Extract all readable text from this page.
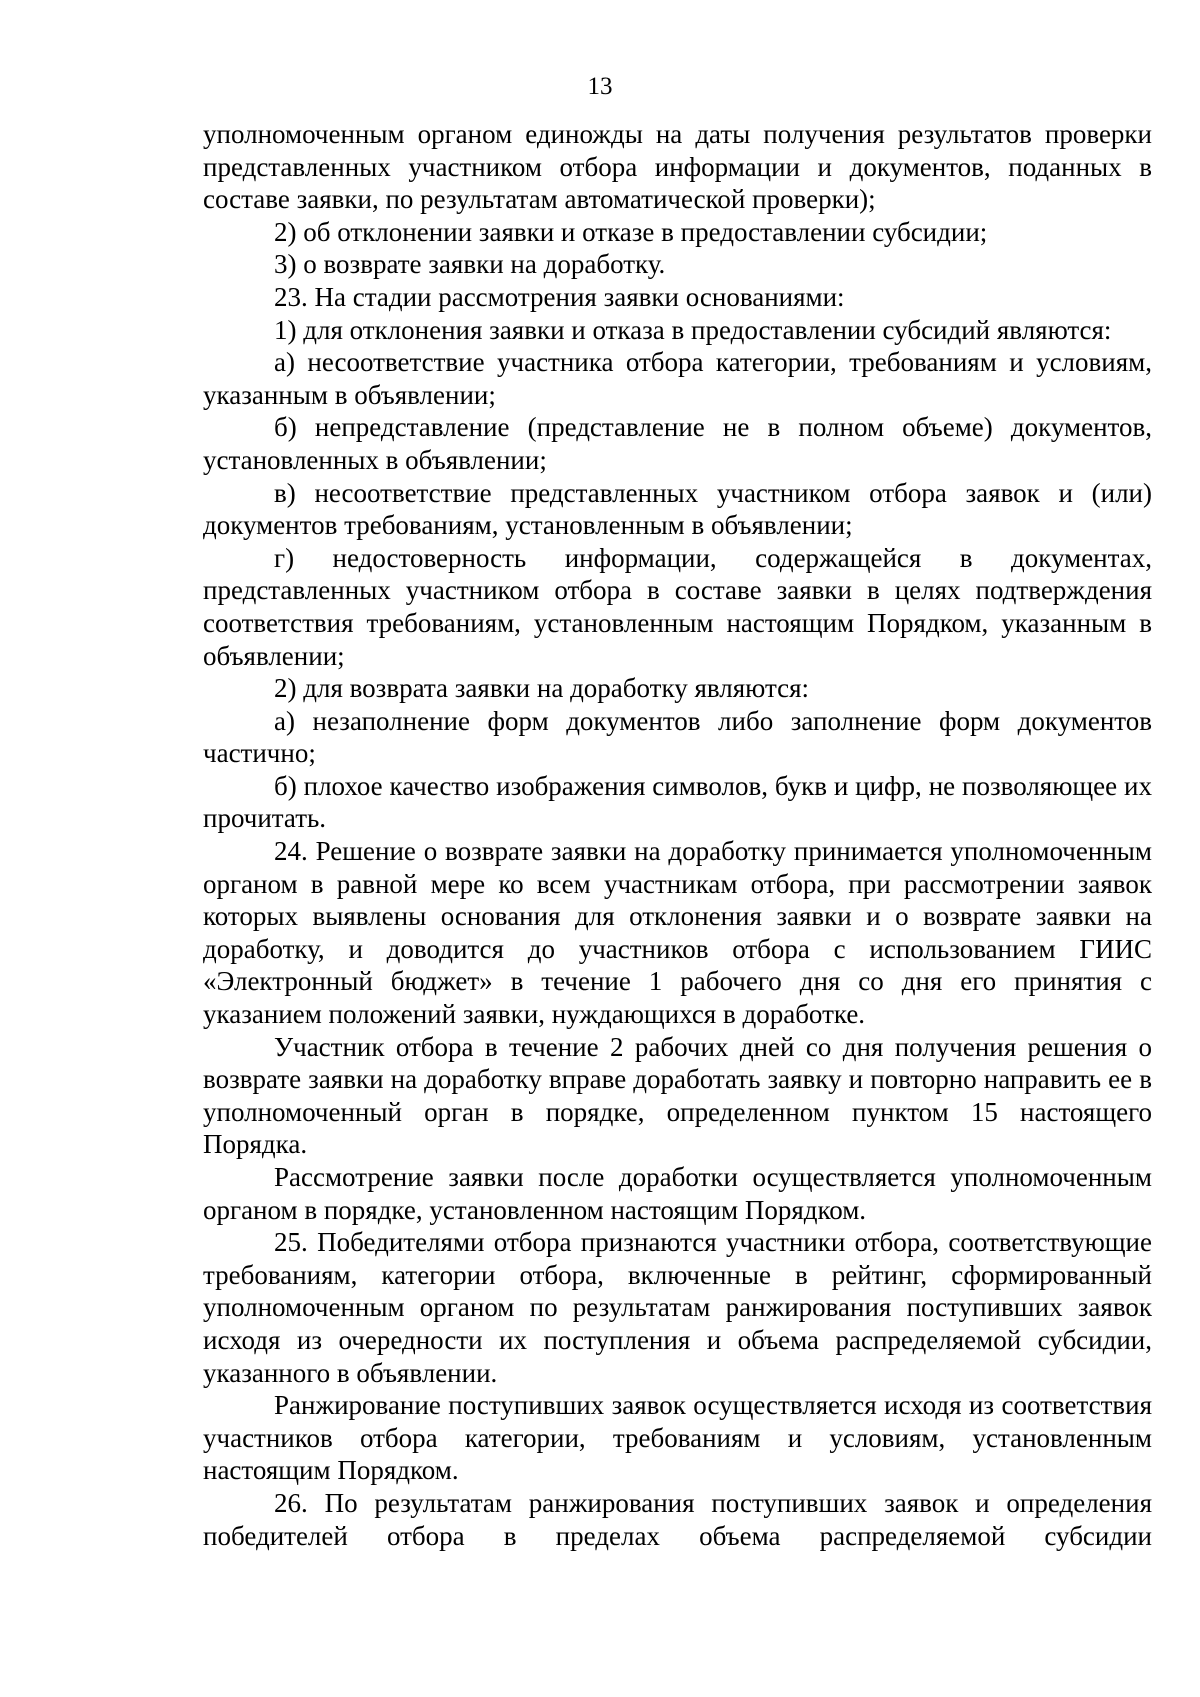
13

уполномоченным органом единожды на даты получения результатов проверки представленных участником отбора информации и документов, поданных в составе заявки, по результатам автоматической проверки);

2) об отклонении заявки и отказе в предоставлении субсидии;

3) о возврате заявки на доработку.

23. На стадии рассмотрения заявки основаниями:

1) для отклонения заявки и отказа в предоставлении субсидий являются:

а) несоответствие участника отбора категории, требованиям и условиям, указанным в объявлении;

б) непредставление (представление не в полном объеме) документов, установленных в объявлении;

в) несоответствие представленных участником отбора заявок и (или) документов требованиям, установленным в объявлении;

г) недостоверность информации, содержащейся в документах, представленных участником отбора в составе заявки в целях подтверждения соответствия требованиям, установленным настоящим Порядком, указанным в объявлении;

2) для возврата заявки на доработку являются:

а) незаполнение форм документов либо заполнение форм документов частично;

б) плохое качество изображения символов, букв и цифр, не позволяющее их прочитать.

24. Решение о возврате заявки на доработку принимается уполномоченным органом в равной мере ко всем участникам отбора, при рассмотрении заявок которых выявлены основания для отклонения заявки и о возврате заявки на доработку, и доводится до участников отбора с использованием ГИИС «Электронный бюджет» в течение 1 рабочего дня со дня его принятия с указанием положений заявки, нуждающихся в доработке.

Участник отбора в течение 2 рабочих дней со дня получения решения о возврате заявки на доработку вправе доработать заявку и повторно направить ее в уполномоченный орган в порядке, определенном пунктом 15 настоящего Порядка.

Рассмотрение заявки после доработки осуществляется уполномоченным органом в порядке, установленном настоящим Порядком.

25. Победителями отбора признаются участники отбора, соответствующие требованиям, категории отбора, включенные в рейтинг, сформированный уполномоченным органом по результатам ранжирования поступивших заявок исходя из очередности их поступления и объема распределяемой субсидии, указанного в объявлении.

Ранжирование поступивших заявок осуществляется исходя из соответствия участников отбора категории, требованиям и условиям, установленным настоящим Порядком.

26. По результатам ранжирования поступивших заявок и определения победителей отбора в пределах объема распределяемой субсидии
